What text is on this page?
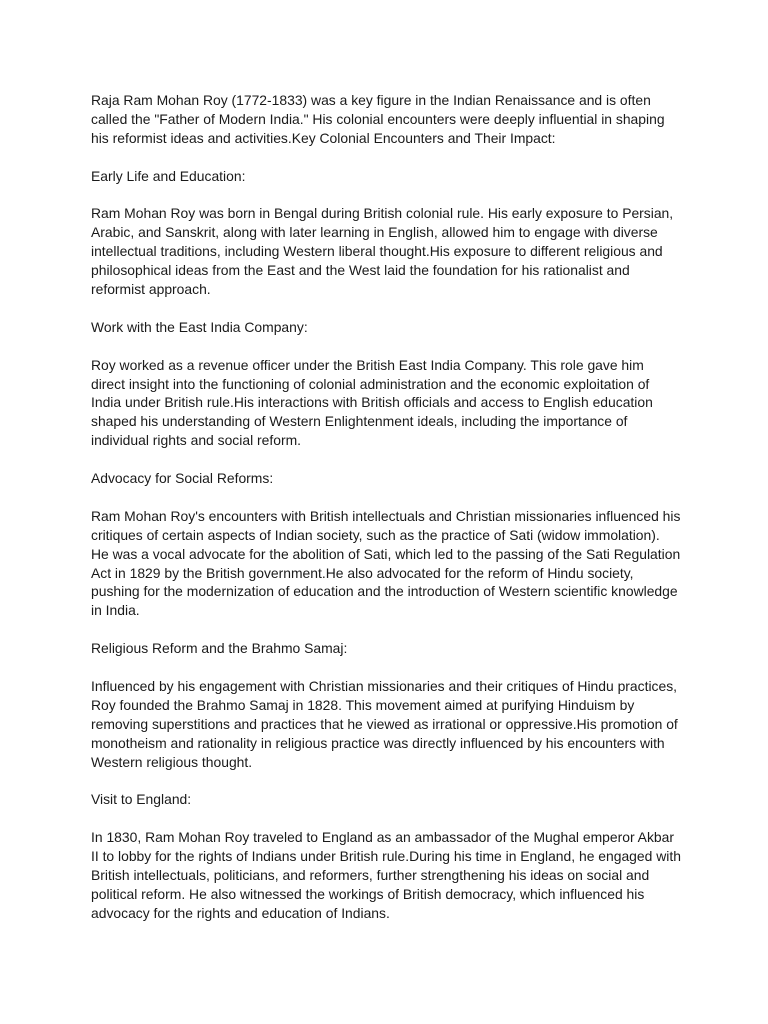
Raja Ram Mohan Roy (1772-1833) was a key figure in the Indian Renaissance and is often called the "Father of Modern India." His colonial encounters were deeply influential in shaping his reformist ideas and activities.Key Colonial Encounters and Their Impact:

Early Life and Education:

Ram Mohan Roy was born in Bengal during British colonial rule. His early exposure to Persian, Arabic, and Sanskrit, along with later learning in English, allowed him to engage with diverse intellectual traditions, including Western liberal thought.His exposure to different religious and philosophical ideas from the East and the West laid the foundation for his rationalist and reformist approach.

Work with the East India Company:

Roy worked as a revenue officer under the British East India Company. This role gave him direct insight into the functioning of colonial administration and the economic exploitation of India under British rule.His interactions with British officials and access to English education shaped his understanding of Western Enlightenment ideals, including the importance of individual rights and social reform.

Advocacy for Social Reforms:

Ram Mohan Roy's encounters with British intellectuals and Christian missionaries influenced his critiques of certain aspects of Indian society, such as the practice of Sati (widow immolation). He was a vocal advocate for the abolition of Sati, which led to the passing of the Sati Regulation Act in 1829 by the British government.He also advocated for the reform of Hindu society, pushing for the modernization of education and the introduction of Western scientific knowledge in India.

Religious Reform and the Brahmo Samaj:

Influenced by his engagement with Christian missionaries and their critiques of Hindu practices, Roy founded the Brahmo Samaj in 1828. This movement aimed at purifying Hinduism by removing superstitions and practices that he viewed as irrational or oppressive.His promotion of monotheism and rationality in religious practice was directly influenced by his encounters with Western religious thought.

Visit to England:

In 1830, Ram Mohan Roy traveled to England as an ambassador of the Mughal emperor Akbar II to lobby for the rights of Indians under British rule.During his time in England, he engaged with British intellectuals, politicians, and reformers, further strengthening his ideas on social and political reform. He also witnessed the workings of British democracy, which influenced his advocacy for the rights and education of Indians.
